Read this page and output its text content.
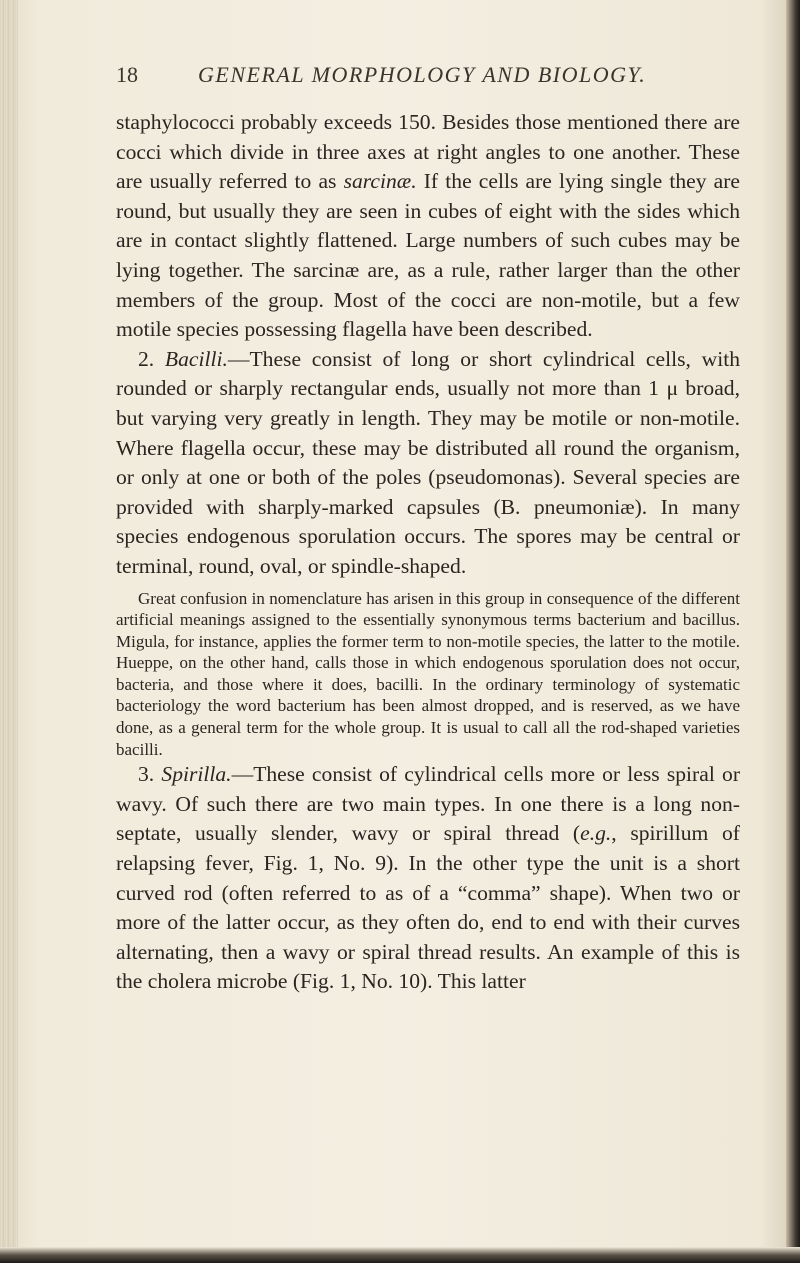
18	GENERAL MORPHOLOGY AND BIOLOGY.

staphylococci probably exceeds 150. Besides those mentioned there are cocci which divide in three axes at right angles to one another. These are usually referred to as sarcinæ. If the cells are lying single they are round, but usually they are seen in cubes of eight with the sides which are in contact slightly flattened. Large numbers of such cubes may be lying together. The sarcinæ are, as a rule, rather larger than the other members of the group. Most of the cocci are non-motile, but a few motile species possessing flagella have been described.

2. Bacilli.—These consist of long or short cylindrical cells, with rounded or sharply rectangular ends, usually not more than 1 μ broad, but varying very greatly in length. They may be motile or non-motile. Where flagella occur, these may be distributed all round the organism, or only at one or both of the poles (pseudomonas). Several species are provided with sharply-marked capsules (B. pneumoniæ). In many species endogenous sporulation occurs. The spores may be central or terminal, round, oval, or spindle-shaped.

Great confusion in nomenclature has arisen in this group in consequence of the different artificial meanings assigned to the essentially synonymous terms bacterium and bacillus. Migula, for instance, applies the former term to non-motile species, the latter to the motile. Hueppe, on the other hand, calls those in which endogenous sporulation does not occur, bacteria, and those where it does, bacilli. In the ordinary terminology of systematic bacteriology the word bacterium has been almost dropped, and is reserved, as we have done, as a general term for the whole group. It is usual to call all the rod-shaped varieties bacilli.

3. Spirilla.—These consist of cylindrical cells more or less spiral or wavy. Of such there are two main types. In one there is a long non-septate, usually slender, wavy or spiral thread (e.g., spirillum of relapsing fever, Fig. 1, No. 9). In the other type the unit is a short curved rod (often referred to as of a “comma” shape). When two or more of the latter occur, as they often do, end to end with their curves alternating, then a wavy or spiral thread results. An example of this is the cholera microbe (Fig. 1, No. 10). This latter
